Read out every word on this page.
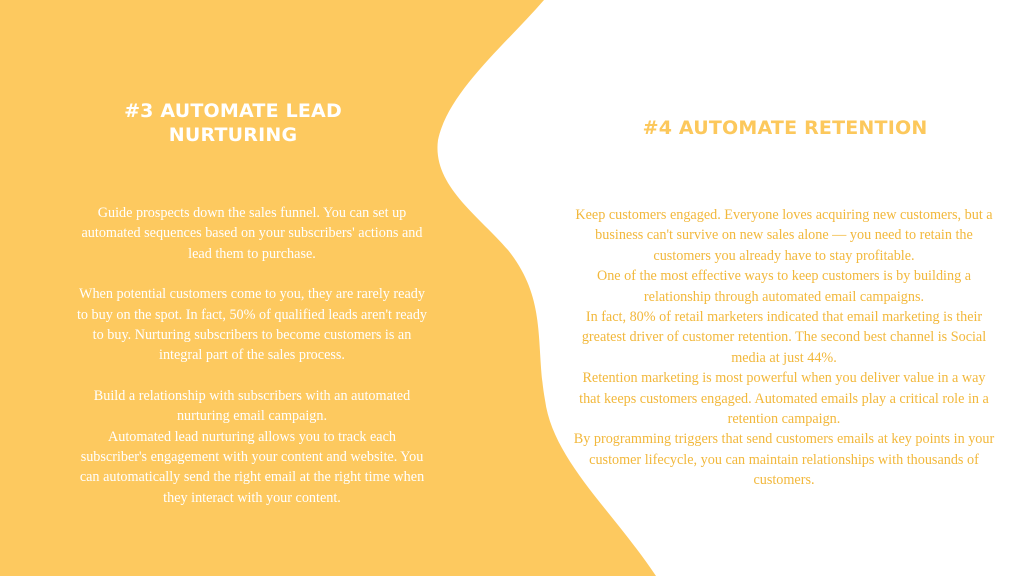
#3 AUTOMATE LEAD NURTURING

Guide prospects down the sales funnel. You can set up automated sequences based on your subscribers' actions and lead them to purchase.

When potential customers come to you, they are rarely ready to buy on the spot. In fact, 50% of qualified leads aren't ready to buy. Nurturing subscribers to become customers is an integral part of the sales process.

Build a relationship with subscribers with an automated nurturing email campaign.

Automated lead nurturing allows you to track each subscriber's engagement with your content and website. You can automatically send the right email at the right time when they interact with your content.

#4 AUTOMATE RETENTION

Keep customers engaged. Everyone loves acquiring new customers, but a business can't survive on new sales alone — you need to retain the customers you already have to stay profitable.

One of the most effective ways to keep customers is by building a relationship through automated email campaigns.

In fact, 80% of retail marketers indicated that email marketing is their greatest driver of customer retention. The second best channel is Social media at just 44%.

Retention marketing is most powerful when you deliver value in a way that keeps customers engaged. Automated emails play a critical role in a retention campaign.

By programming triggers that send customers emails at key points in your customer lifecycle, you can maintain relationships with thousands of customers.
